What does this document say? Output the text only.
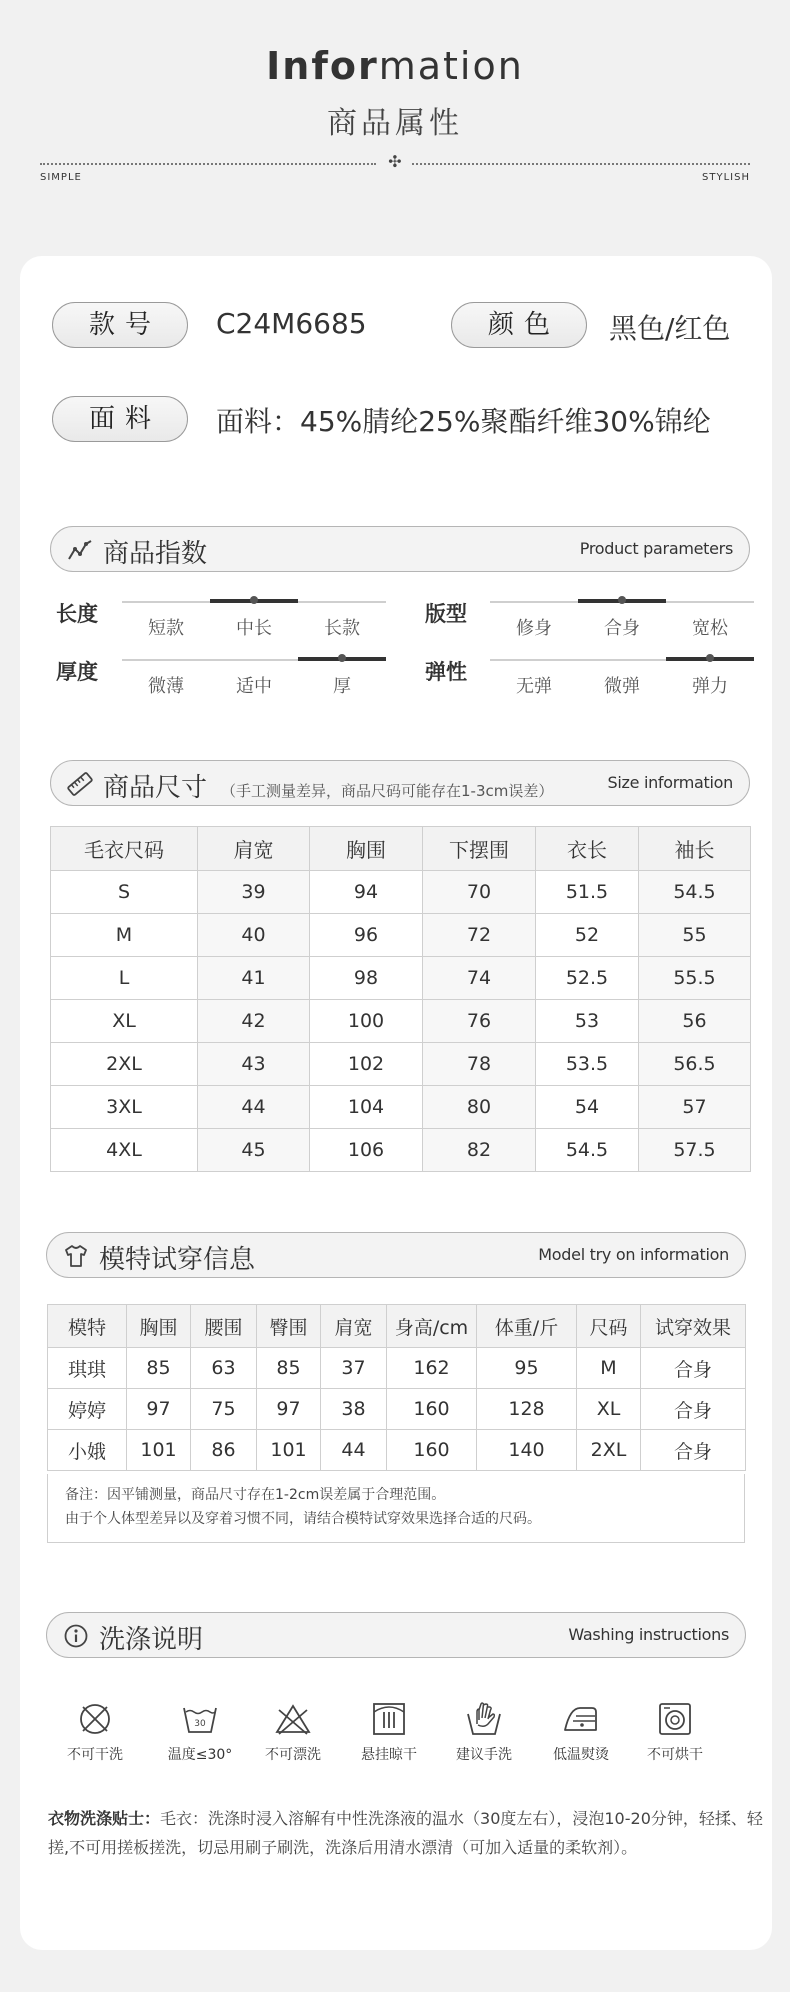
Information
商品属性
✣
SIMPLE	STYLISH
款号	C24M6685	颜色	黑色/红色
面料	面料：45%腈纶25%聚酯纤维30%锦纶
商品指数	Product parameters
长度
短款	中长	长款
版型
修身	合身	宽松
厚度
微薄	适中	厚
弹性
无弹	微弹	弹力
商品尺寸 （手工测量差异，商品尺码可能存在1-3cm误差）	Size information
毛衣尺码	肩宽	胸围	下摆围	衣长	袖长
S	39	94	70	51.5	54.5
M	40	96	72	52	55
L	41	98	74	52.5	55.5
XL	42	100	76	53	56
2XL	43	102	78	53.5	56.5
3XL	44	104	80	54	57
4XL	45	106	82	54.5	57.5
模特试穿信息	Model try on information
模特	胸围	腰围	臀围	肩宽	身高/cm	体重/斤	尺码	试穿效果
琪琪	85	63	85	37	162	95	M	合身
婷婷	97	75	97	38	160	128	XL	合身
小娥	101	86	101	44	160	140	2XL	合身
备注：因平铺测量，商品尺寸存在1-2cm误差属于合理范围。
由于个人体型差异以及穿着习惯不同，请结合模特试穿效果选择合适的尺码。
洗涤说明	Washing instructions
不可干洗
30
温度≤30°	不可漂洗	悬挂晾干	建议手洗	低温熨烫	不可烘干
衣物洗涤贴士：毛衣：洗涤时浸入溶解有中性洗涤液的温水（30度左右），浸泡10-20分钟，轻揉、轻搓,不可用搓板搓洗，切忌用刷子刷洗，洗涤后用清水漂清（可加入适量的柔软剂）。
